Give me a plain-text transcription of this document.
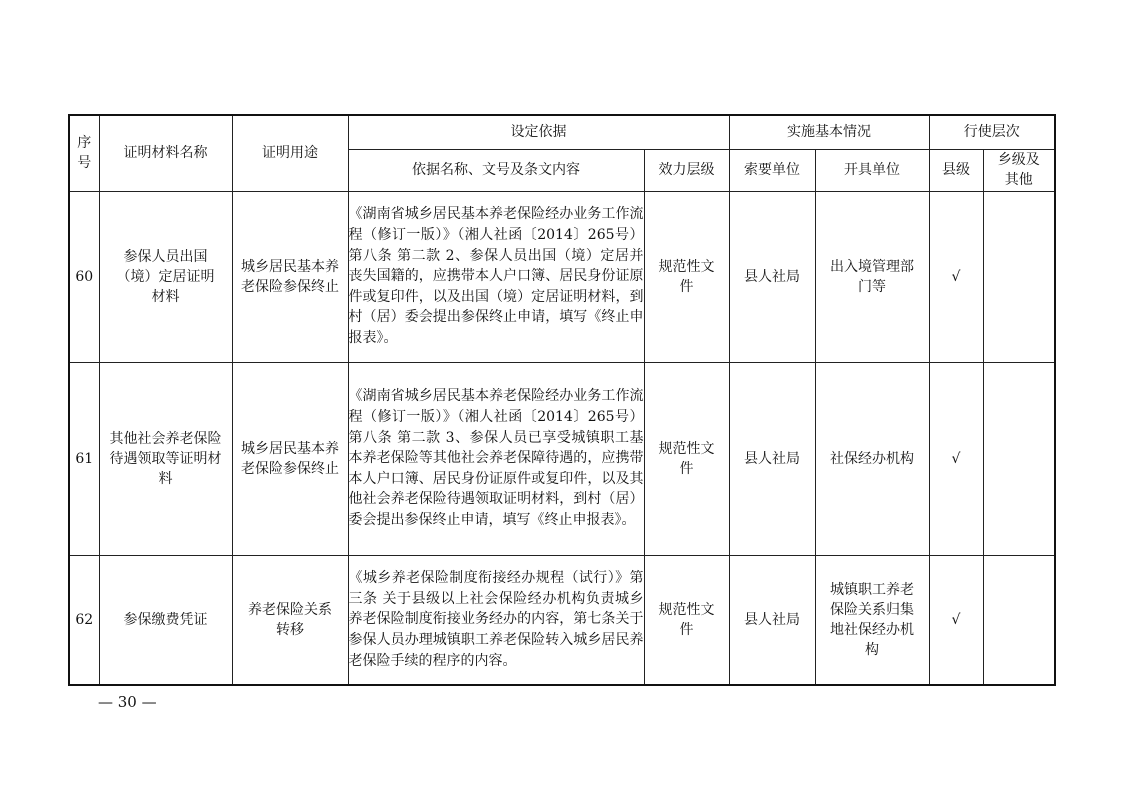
序号	证明材料名称	证明用途	设定依据		实施基本情况		行使层次	
			依据名称、文号及条文内容	效力层级	索要单位	开具单位	县级	乡级及其他
60	参保人员出国（境）定居证明材料	城乡居民基本养老保险参保终止	《湖南省城乡居民基本养老保险经办业务工作流程（修订一版）》（湘人社函〔2014〕265号）第八条 第二款 2、参保人员出国（境）定居并丧失国籍的，应携带本人户口簿、居民身份证原件或复印件，以及出国（境）定居证明材料，到村（居）委会提出参保终止申请，填写《终止申报表》。	规范性文件	县人社局	出入境管理部门等	√	
61	其他社会养老保险待遇领取等证明材料	城乡居民基本养老保险参保终止	《湖南省城乡居民基本养老保险经办业务工作流程（修订一版）》（湘人社函〔2014〕265号）第八条 第二款 3、参保人员已享受城镇职工基本养老保险等其他社会养老保障待遇的，应携带本人户口簿、居民身份证原件或复印件，以及其他社会养老保险待遇领取证明材料，到村（居）委会提出参保终止申请，填写《终止申报表》。	规范性文件	县人社局	社保经办机构	√	
62	参保缴费凭证	养老保险关系转移	《城乡养老保险制度衔接经办规程（试行）》第三条 关于县级以上社会保险经办机构负责城乡养老保险制度衔接业务经办的内容，第七条关于参保人员办理城镇职工养老保险转入城乡居民养老保险手续的程序的内容。	规范性文件	县人社局	城镇职工养老保险关系归集地社保经办机构	√	
— 30 —
